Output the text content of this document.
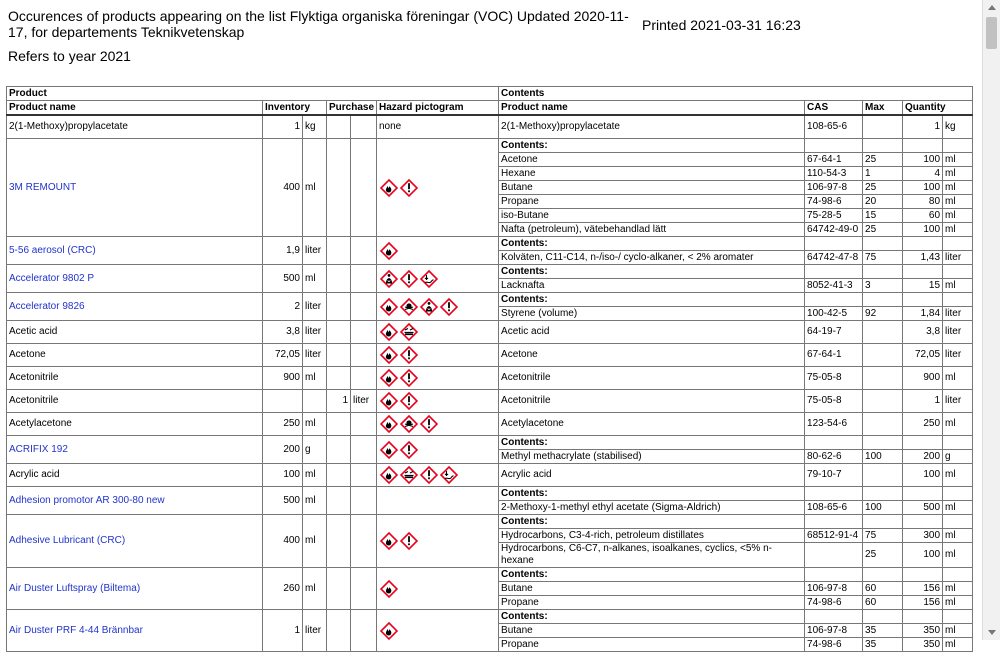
Occurences of products appearing on the list Flyktiga organiska föreningar (VOC) Updated 2020-11-17, for departements Teknikvetenskap	Printed 2021-03-31 16:23
Refers to year 2021
Product						Contents				
Product name	Inventory		Purchase		Hazard pictogram	Product name	CAS	Max	Quantity	
2(1-Methoxy)propylacetate	1	kg			none	2(1-Methoxy)propylacetate	108-65-6		1	kg
3M REMOUNT	400	ml				Contents:				
						Acetone	67-64-1	25	100	ml
						Hexane	110-54-3	1	4	ml
						Butane	106-97-8	25	100	ml
						Propane	74-98-6	20	80	ml
						iso-Butane	75-28-5	15	60	ml
						Nafta (petroleum), vätebehandlad lätt	64742-49-0	25	100	ml
5-56 aerosol (CRC)	1,9	liter				Contents:				
						Kolväten, C11-C14, n-/iso-/ cyclo-alkaner, < 2% aromater	64742-47-8	75	1,43	liter
Accelerator 9802 P	500	ml				Contents:				
						Lacknafta	8052-41-3	3	15	ml
Accelerator 9826	2	liter				Contents:				
						Styrene (volume)	100-42-5	92	1,84	liter
Acetic acid	3,8	liter				Acetic acid	64-19-7		3,8	liter
Acetone	72,05	liter				Acetone	67-64-1		72,05	liter
Acetonitrile	900	ml				Acetonitrile	75-05-8		900	ml
Acetonitrile			1	liter		Acetonitrile	75-05-8		1	liter
Acetylacetone	250	ml				Acetylacetone	123-54-6		250	ml
ACRIFIX 192	200	g				Contents:				
						Methyl methacrylate (stabilised)	80-62-6	100	200	g
Acrylic acid	100	ml				Acrylic acid	79-10-7		100	ml
Adhesion promotor AR 300-80 new	500	ml				Contents:				
						2-Methoxy-1-methyl ethyl acetate (Sigma-Aldrich)	108-65-6	100	500	ml
Adhesive Lubricant (CRC)	400	ml				Contents:				
						Hydrocarbons, C3-4-rich, petroleum distillates	68512-91-4	75	300	ml
						Hydrocarbons, C6-C7, n-alkanes, isoalkanes, cyclics, <5% n-hexane		25	100	ml
Air Duster Luftspray (Biltema)	260	ml				Contents:				
						Butane	106-97-8	60	156	ml
						Propane	74-98-6	60	156	ml
Air Duster PRF 4-44 Brännbar	1	liter				Contents:				
						Butane	106-97-8	35	350	ml
						Propane	74-98-6	35	350	ml
